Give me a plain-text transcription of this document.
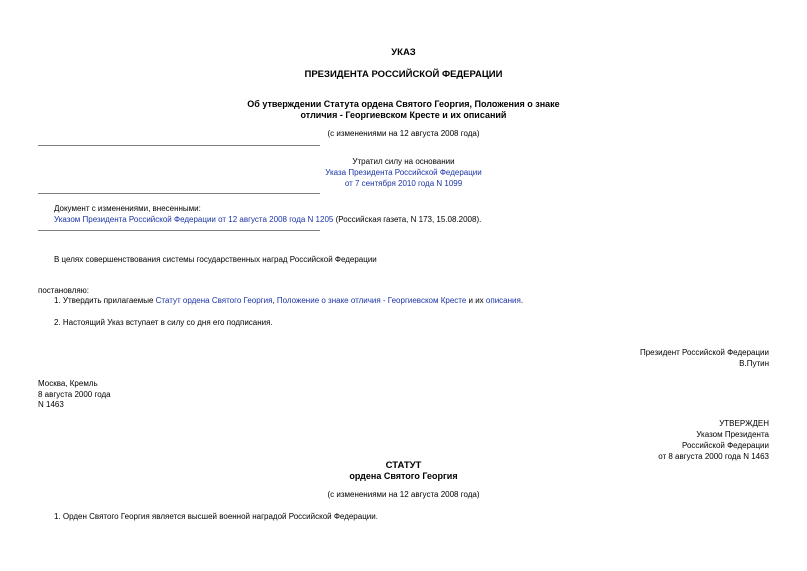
УКАЗ
ПРЕЗИДЕНТА РОССИЙСКОЙ ФЕДЕРАЦИИ
Об утверждении Статута ордена Святого Георгия, Положения о знаке
отличия - Георгиевском Кресте и их описаний
(с изменениями на 12 августа 2008 года)
Утратил силу на основании
Указа Президента Российской Федерации
от 7 сентября 2010 года N 1099
Документ с изменениями, внесенными:
Указом Президента Российской Федерации от 12 августа 2008 года N 1205 (Российская газета, N 173, 15.08.2008).
В целях совершенствования системы государственных наград Российской Федерации
постановляю:
1. Утвердить прилагаемые Статут ордена Святого Георгия, Положение о знаке отличия - Георгиевском Кресте и их описания.
2. Настоящий Указ вступает в силу со дня его подписания.
Президент Российской Федерации
В.Путин
Москва, Кремль
8 августа 2000 года
N 1463
УТВЕРЖДЕН
Указом Президента
Российской Федерации
от 8 августа 2000 года N 1463
СТАТУТ
ордена Святого Георгия
(с изменениями на 12 августа 2008 года)
1. Орден Святого Георгия является высшей военной наградой Российской Федерации.
